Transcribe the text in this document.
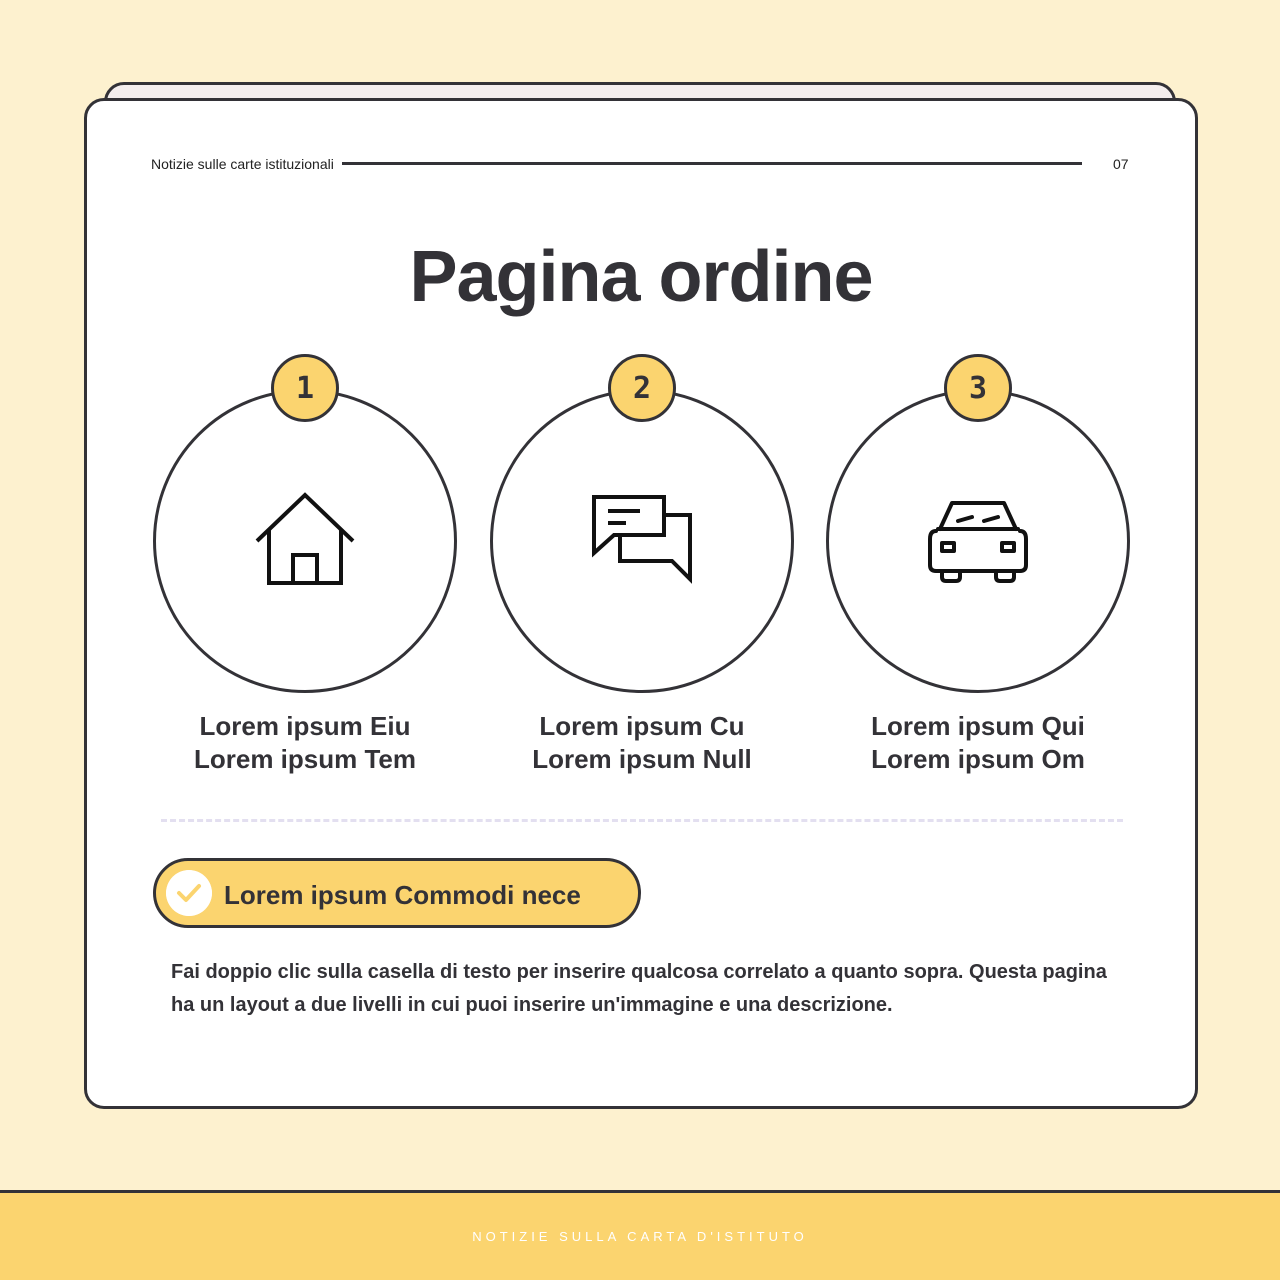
Notizie sulle carte istituzionali	07
Pagina ordine
1
Lorem ipsum Eiu
Lorem ipsum Tem
2
Lorem ipsum Cu
Lorem ipsum Null
3
Lorem ipsum Qui
Lorem ipsum Om
Lorem ipsum Commodi nece

Fai doppio clic sulla casella di testo per inserire qualcosa correlato a quanto sopra. Questa pagina ha un layout a due livelli in cui puoi inserire un'immagine e una descrizione.

NOTIZIE SULLA CARTA D'ISTITUTO
